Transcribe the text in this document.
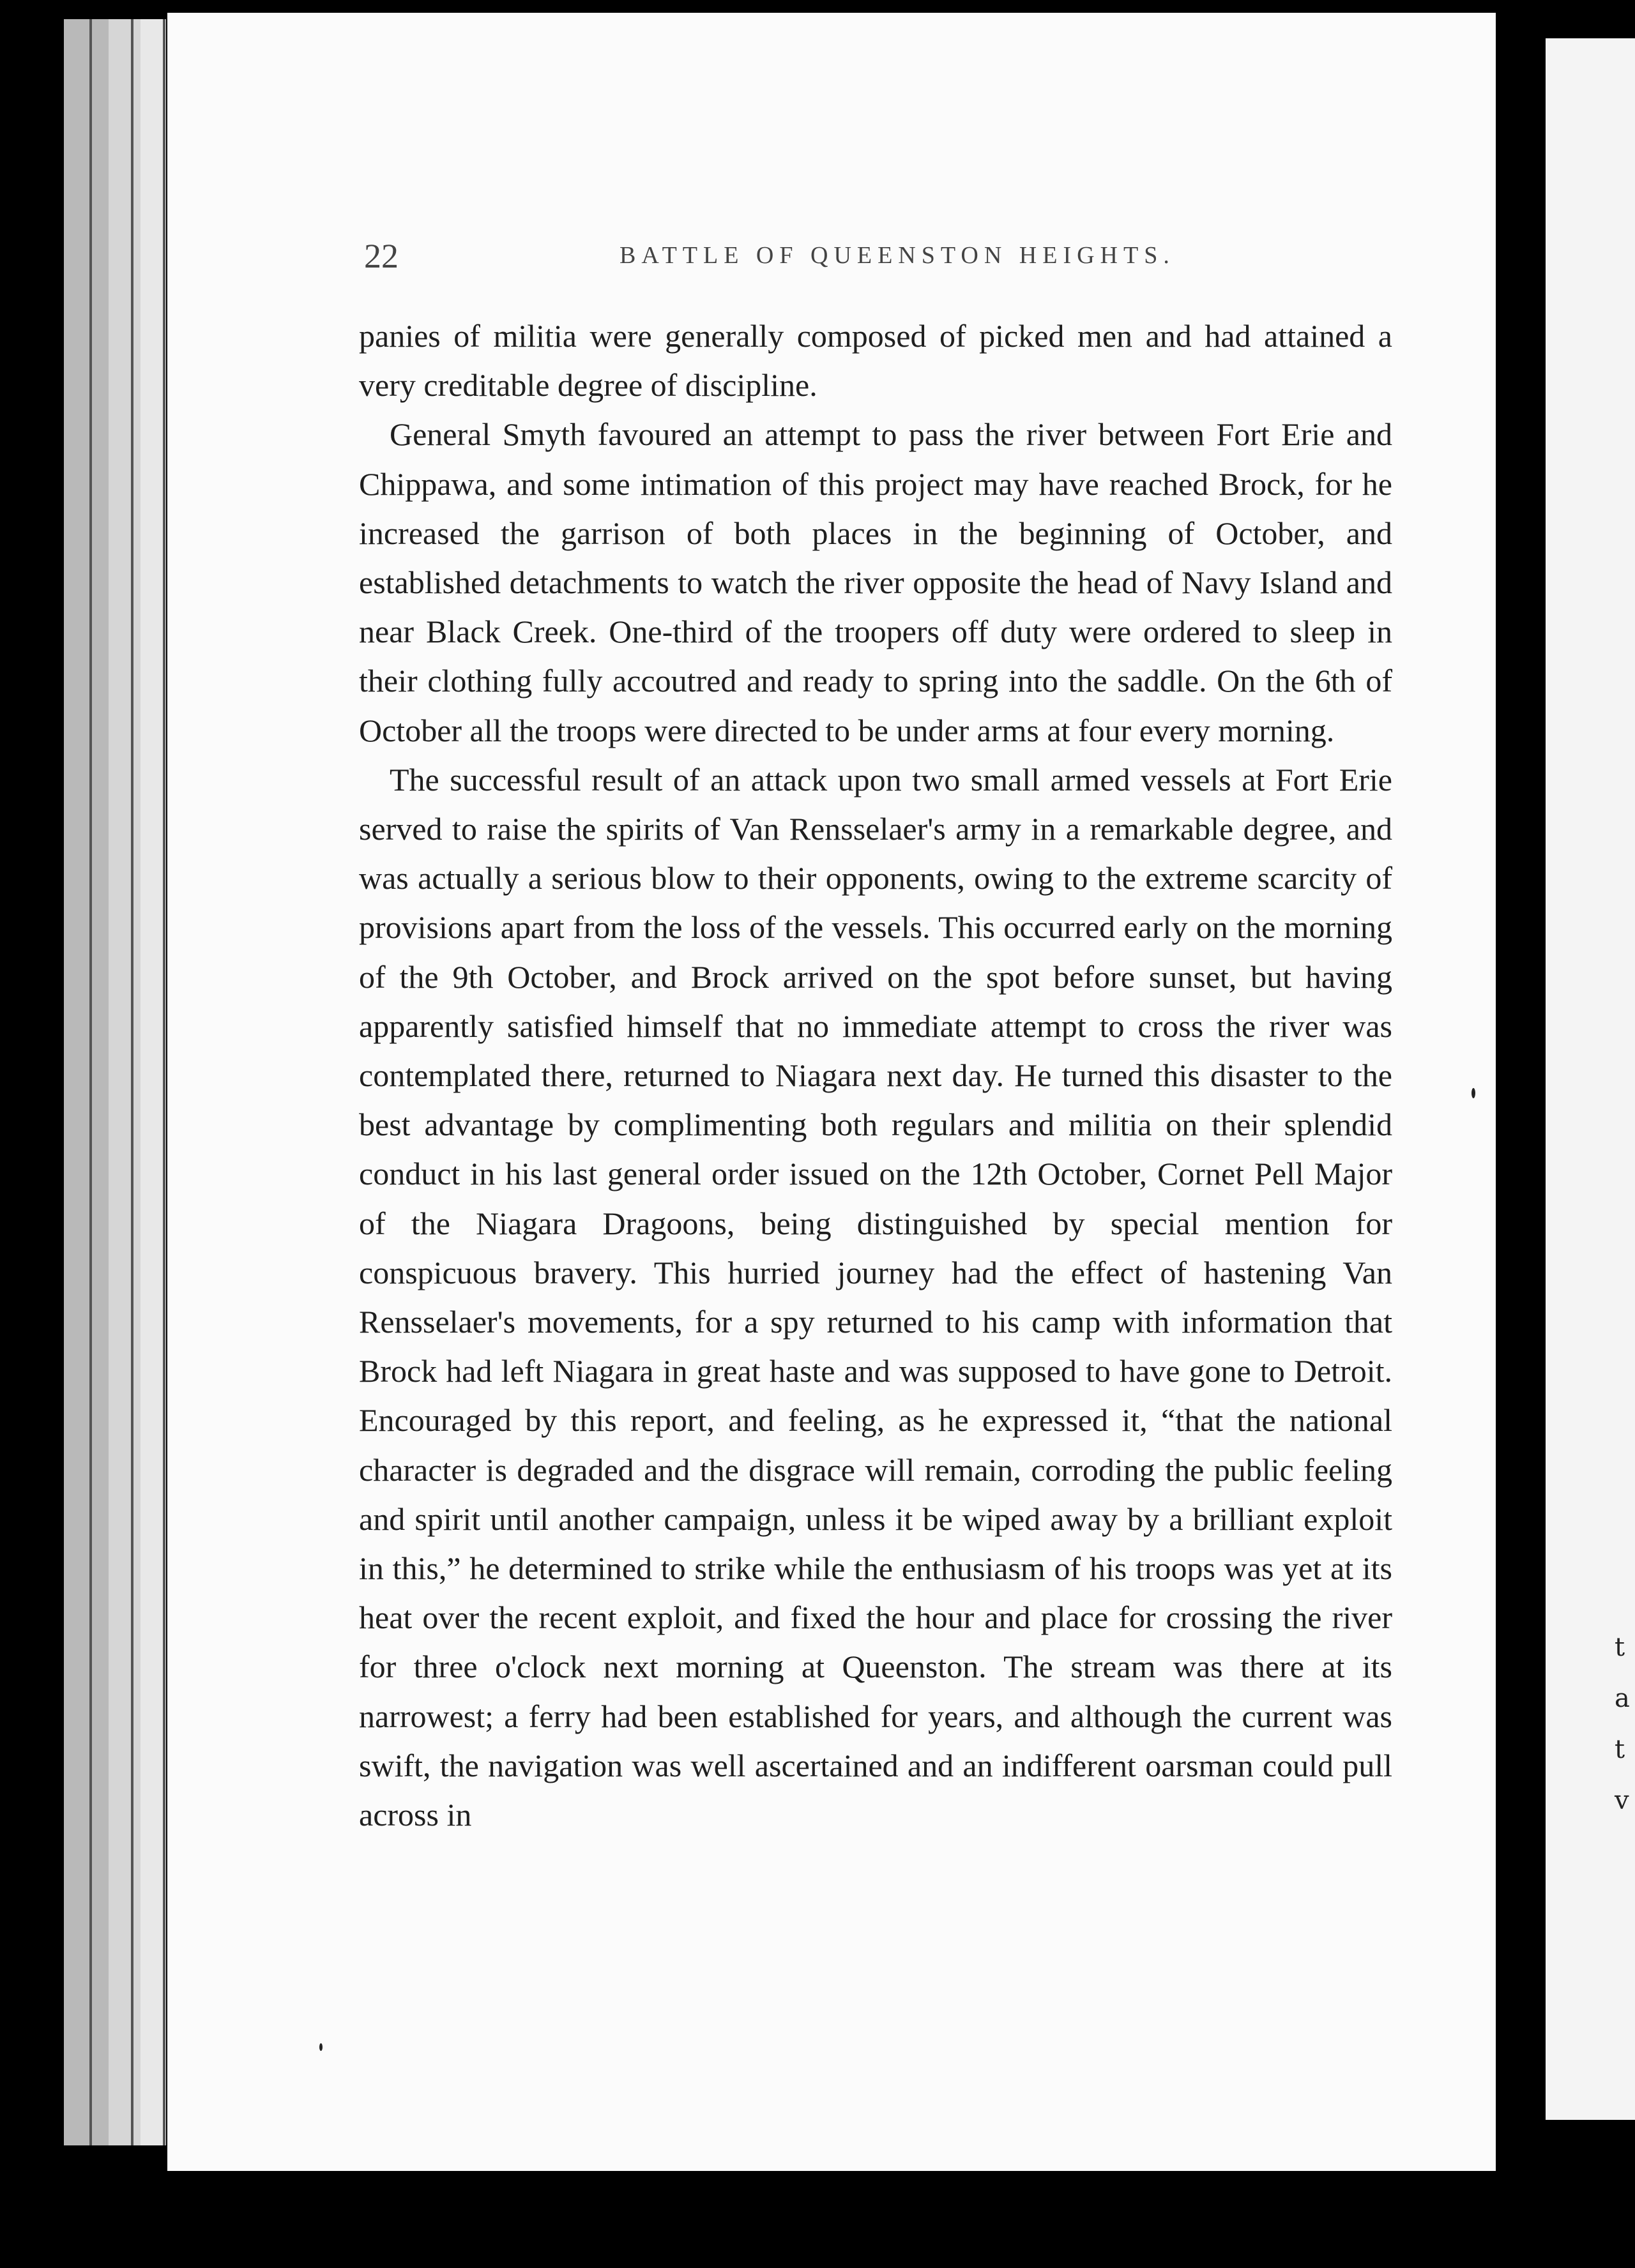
t
a
t
v
22	BATTLE OF QUEENSTON HEIGHTS.

panies of militia were generally composed of picked men and had attained a very creditable degree of discipline.

General Smyth favoured an attempt to pass the river between Fort Erie and Chippawa, and some intimation of this project may have reached Brock, for he increased the garrison of both places in the beginning of October, and established detachments to watch the river opposite the head of Navy Island and near Black Creek. One-third of the troopers off duty were ordered to sleep in their clothing fully accoutred and ready to spring into the saddle. On the 6th of October all the troops were directed to be under arms at four every morning.

The successful result of an attack upon two small armed vessels at Fort Erie served to raise the spirits of Van Rensselaer's army in a remarkable degree, and was actually a serious blow to their opponents, owing to the extreme scarcity of provisions apart from the loss of the vessels. This occurred early on the morning of the 9th October, and Brock arrived on the spot before sunset, but having apparently satisfied himself that no immediate attempt to cross the river was contemplated there, returned to Niagara next day. He turned this disaster to the best advantage by complimenting both regulars and militia on their splendid conduct in his last general order issued on the 12th October, Cornet Pell Major of the Niagara Dragoons, being distinguished by special mention for conspicuous bravery. This hurried journey had the effect of hastening Van Rensselaer's movements, for a spy returned to his camp with information that Brock had left Niagara in great haste and was supposed to have gone to Detroit. Encouraged by this report, and feeling, as he expressed it, “that the national character is degraded and the disgrace will remain, corroding the public feeling and spirit until another campaign, unless it be wiped away by a brilliant exploit in this,” he determined to strike while the enthusiasm of his troops was yet at its heat over the recent exploit, and fixed the hour and place for crossing the river for three o'clock next morning at Queenston. The stream was there at its narrowest; a ferry had been established for years, and although the current was swift, the navigation was well ascertained and an indifferent oarsman could pull across in
